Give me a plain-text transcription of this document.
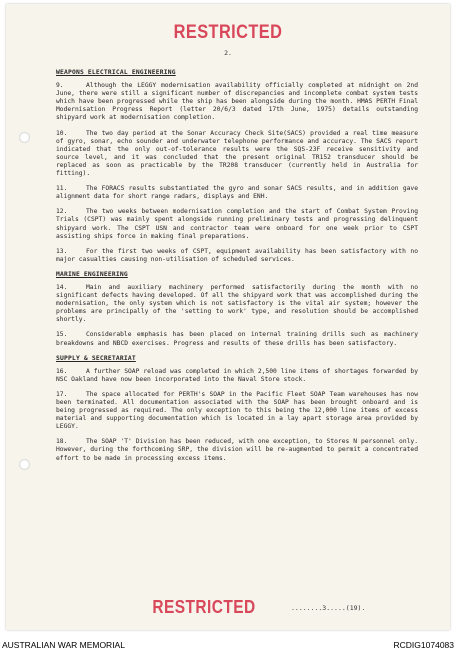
RESTRICTED
2.
WEAPONS ELECTRICAL ENGINEERING

9.	Although the LEGGY modernisation availability officially completed at midnight on 2nd June, there were still a significant number of discrepancies and incomplete combat system tests which have been progressed while the ship has been alongside during the month. HMAS PERTH Final Modernisation Progress Report (letter 20/6/3 dated 17th June, 1975) details outstanding shipyard work at modernisation completion.

10.	The two day period at the Sonar Accuracy Check Site(SACS) provided a real time measure of gyro, sonar, echo sounder and underwater telephone performance and accuracy. The SACS report indicated that the only out-of-tolerance results were the SQS-23F receive sensitivity and source level, and it was concluded that the present original TR152 transducer should be replaced as soon as practicable by the TR208 transducer (currently held in Australia for fitting).

11.	The FORACS results substantiated the gyro and sonar SACS results, and in addition gave alignment data for short range radars, displays and ENH.

12.	The two weeks between modernisation completion and the start of Combat System Proving Trials (CSPT) was mainly spent alongside running preliminary tests and progressing delinquent shipyard work. The CSPT USN and contractor team were onboard for one week prior to CSPT assisting ships force in making final preparations.

13.	For the first two weeks of CSPT, equipment availability has been satisfactory with no major casualties causing non-utilisation of scheduled services.

MARINE ENGINEERING

14.	Main and auxiliary machinery performed satisfactorily during the month with no significant defects having developed. Of all the shipyard work that was accomplished during the modernisation, the only system which is not satisfactory is the vital air system; however the problems are principally of the 'setting to work' type, and resolution should be accomplished shortly.

15.	Considerable emphasis has been placed on internal training drills such as machinery breakdowns and NBCD exercises. Progress and results of these drills has been satisfactory.

SUPPLY & SECRETARIAT

16.	A further SOAP reload was completed in which 2,500 line items of shortages forwarded by NSC Oakland have now been incorporated into the Naval Store stock.

17.	The space allocated for PERTH's SOAP in the Pacific Fleet SOAP Team warehouses has now been terminated. All documentation associated with the SOAP has been brought onboard and is being progressed as required. The only exception to this being the 12,000 line items of excess material and supporting documentation which is located in a lay apart storage area provided by LEGGY.

18.	The SOAP 'T' Division has been reduced, with one exception, to Stores N personnel only. However, during the forthcoming SRP, the division will be re-augmented to permit a concentrated effort to be made in processing excess items.

RESTRICTED	........3.....(19).
AUSTRALIAN WAR MEMORIAL	RCDIG1074083
